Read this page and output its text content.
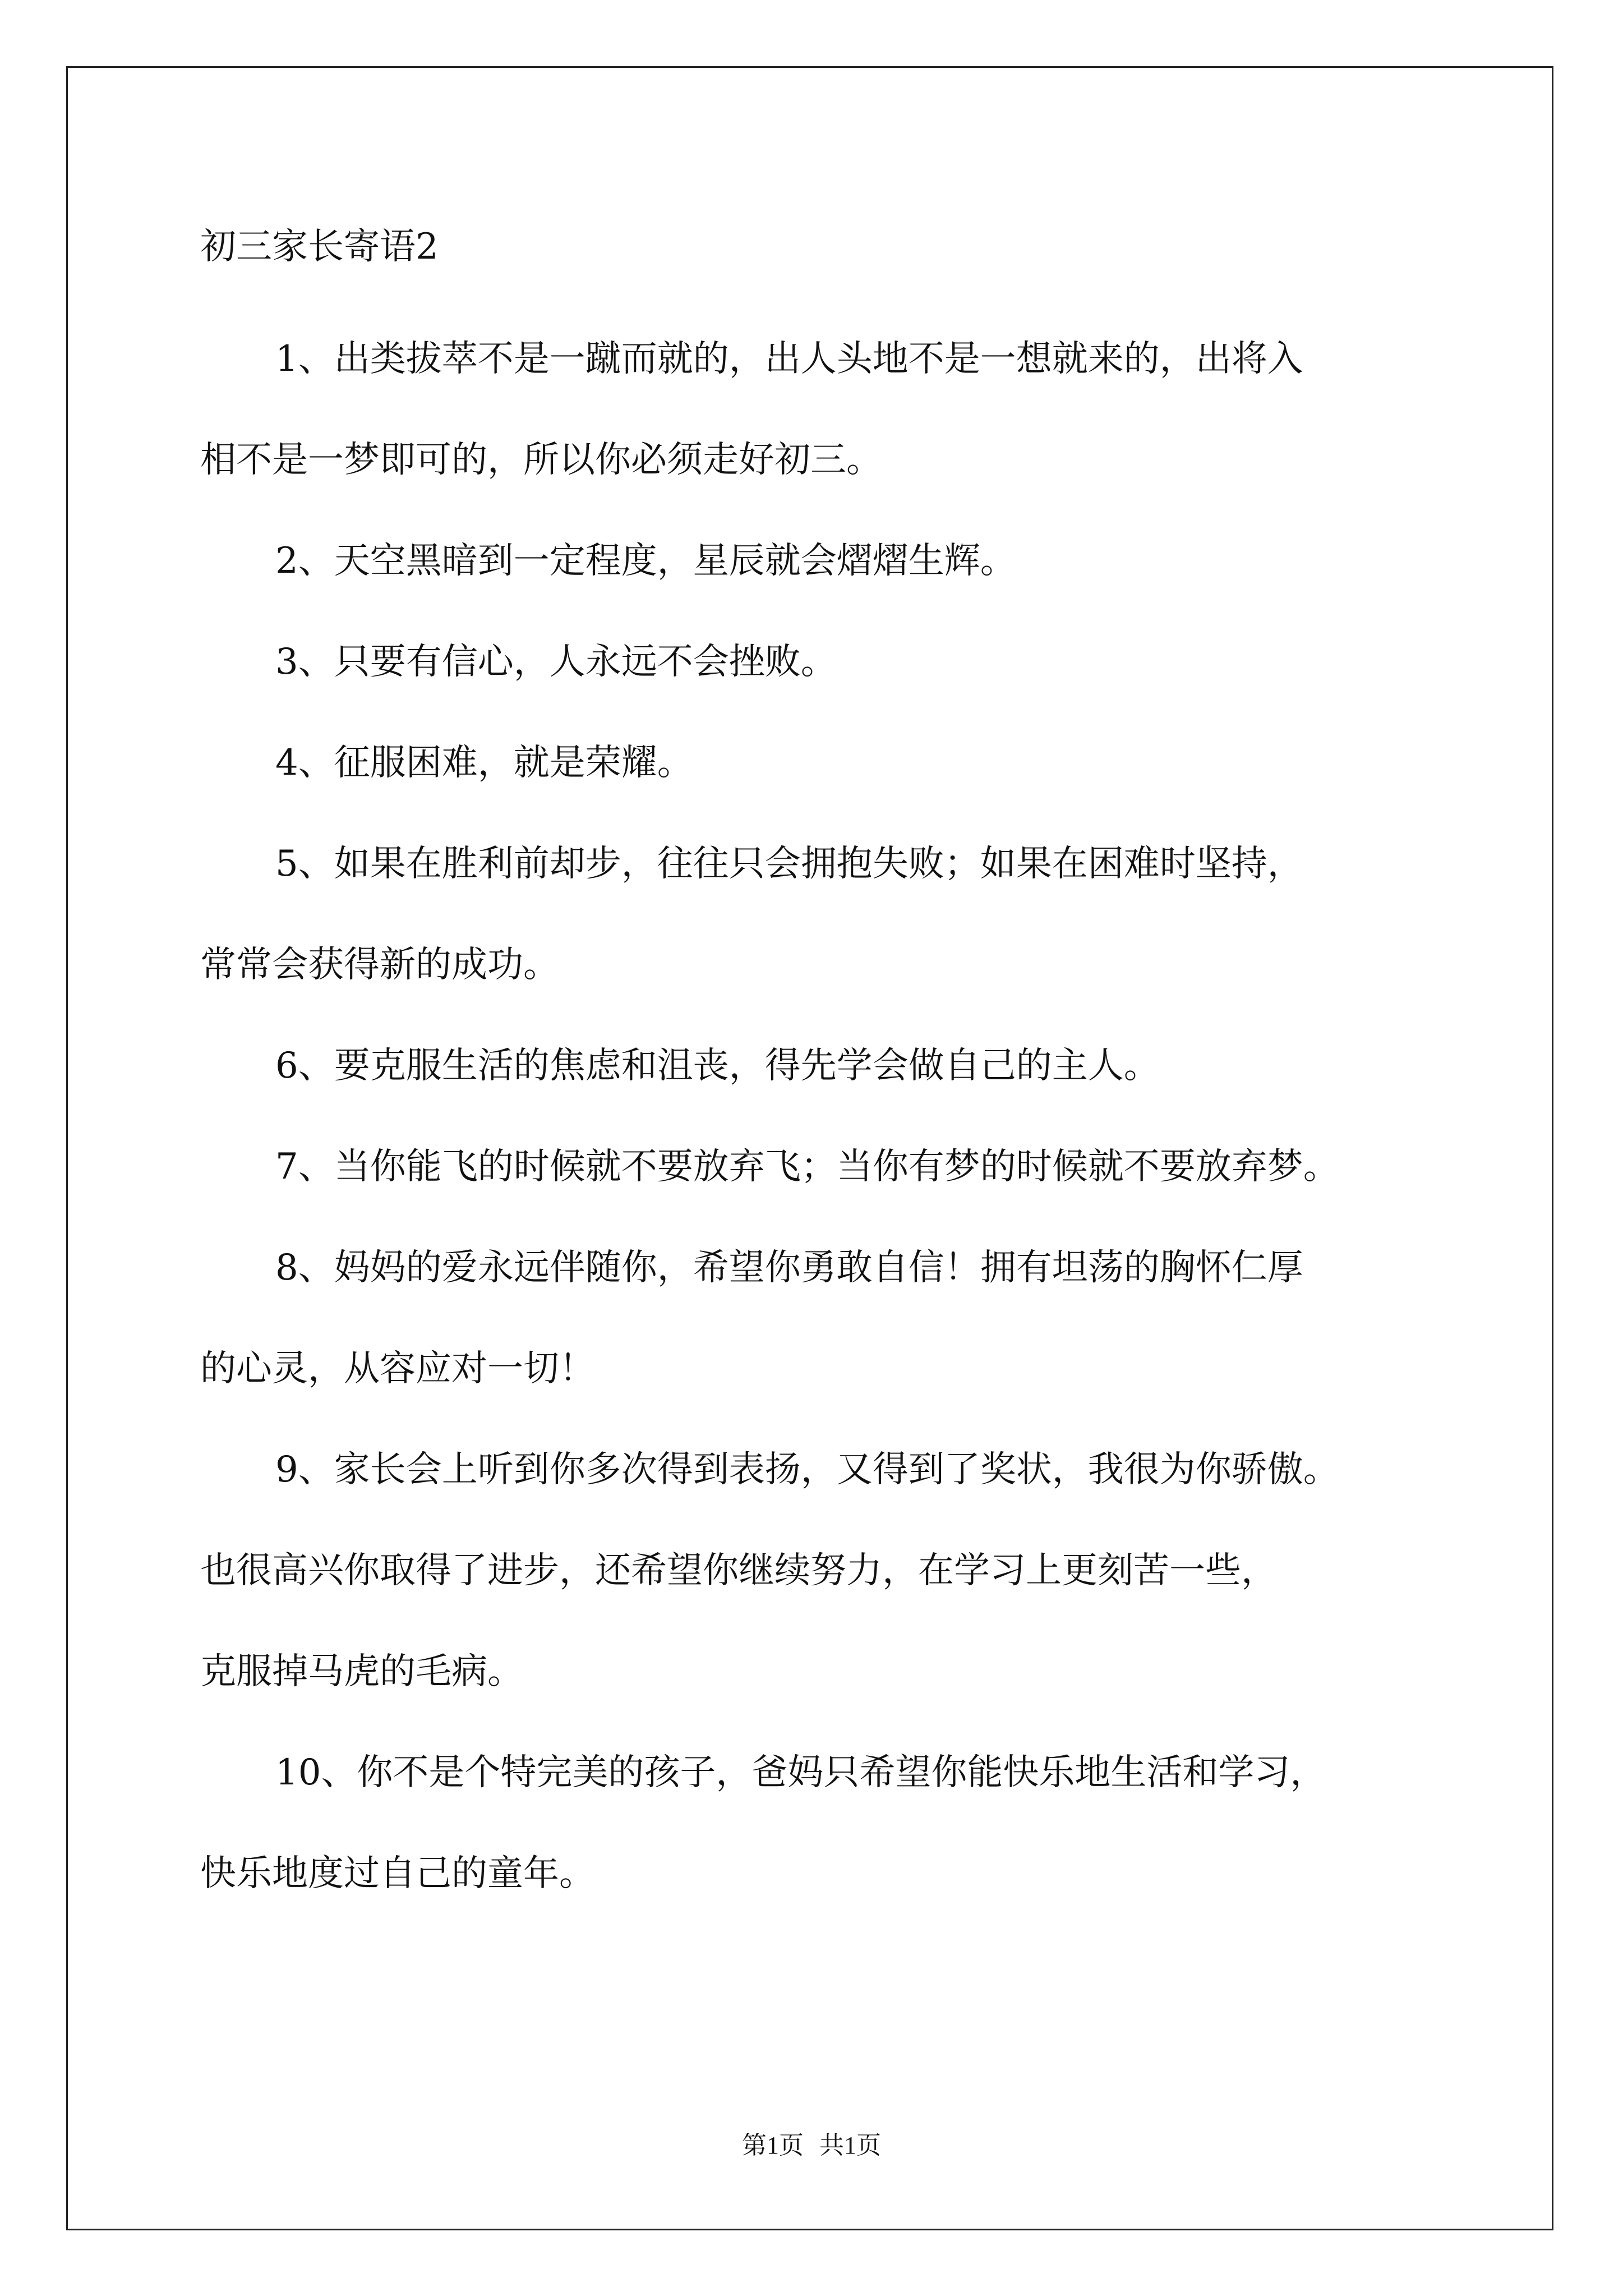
初三家长寄语2
1、出类拔萃不是一蹴而就的，出人头地不是一想就来的，出将入
相不是一梦即可的，所以你必须走好初三。
2、天空黑暗到一定程度，星辰就会熠熠生辉。
3、只要有信心，人永远不会挫败。
4、征服困难，就是荣耀。
5、如果在胜利前却步，往往只会拥抱失败；如果在困难时坚持，
常常会获得新的成功。
6、要克服生活的焦虑和沮丧，得先学会做自己的主人。
7、当你能飞的时候就不要放弃飞；当你有梦的时候就不要放弃梦。
8、妈妈的爱永远伴随你，希望你勇敢自信！拥有坦荡的胸怀仁厚
的心灵，从容应对一切！
9、家长会上听到你多次得到表扬，又得到了奖状，我很为你骄傲。
也很高兴你取得了进步，还希望你继续努力，在学习上更刻苦一些，
克服掉马虎的毛病。
10、你不是个特完美的孩子，爸妈只希望你能快乐地生活和学习，
快乐地度过自己的童年。
第1页 共1页
